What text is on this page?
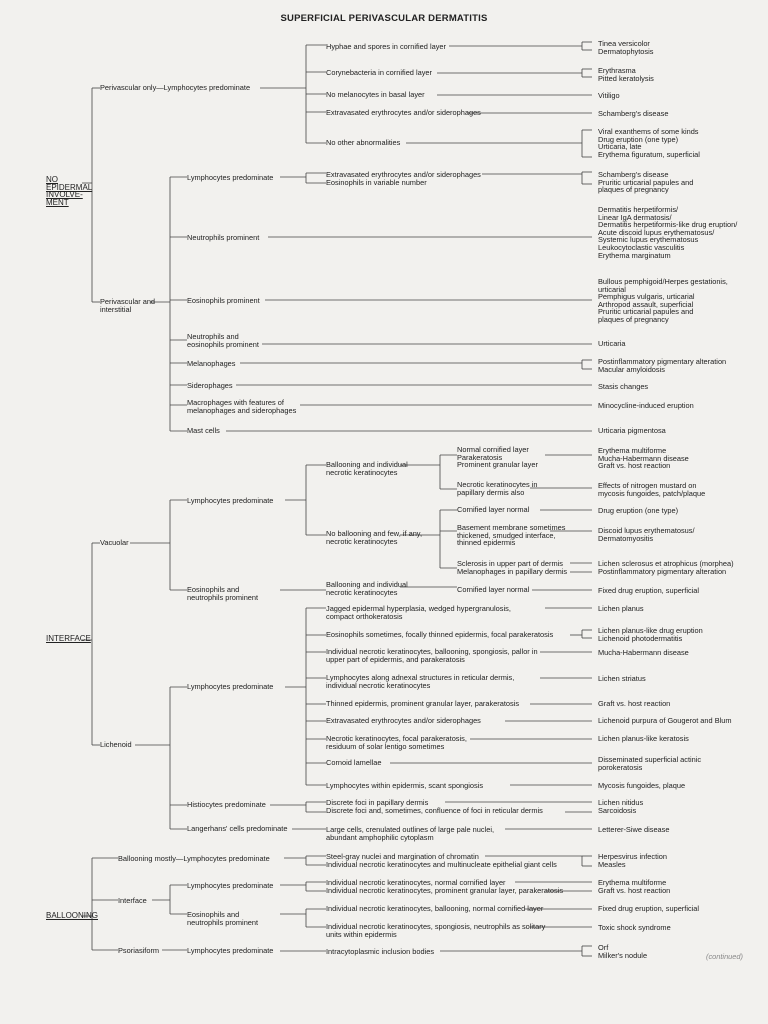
SUPERFICIAL PERIVASCULAR DERMATITIS
NO
EPIDERMAL
INVOLVE-
MENT
INTERFACE
BALLOONING
Perivascular only—Lymphocytes predominate
Perivascular and
interstitial
Vacuolar
Lichenoid
Ballooning mostly—Lymphocytes predominate
Interface
Psoriasiform
Lymphocytes predominate
Neutrophils prominent
Eosinophils prominent
Neutrophils and
eosinophils prominent
Melanophages
Siderophages
Macrophages with features of
melanophages and siderophages
Mast cells
Lymphocytes predominate
Eosinophils and
neutrophils prominent
Lymphocytes predominate
Histiocytes predominate
Langerhans' cells predominate
Lymphocytes predominate
Eosinophils and
neutrophils prominent
Lymphocytes predominate
Hyphae and spores in cornified layer
Corynebacteria in cornified layer
No melanocytes in basal layer
Extravasated erythrocytes and/or siderophages
No other abnormalities
Extravasated erythrocytes and/or siderophages
Eosinophils in variable number
Ballooning and individual
necrotic keratinocytes
No ballooning and few, if any,
necrotic keratinocytes
Ballooning and individual
necrotic keratinocytes
Normal cornified layer
Parakeratosis
Prominent granular layer
Necrotic keratinocytes in
papillary dermis also
Cornified layer normal
Basement membrane sometimes
thickened, smudged interface,
thinned epidermis
Sclerosis in upper part of dermis
Melanophages in papillary dermis
Cornified layer normal
Jagged epidermal hyperplasia, wedged hypergranulosis,
compact orthokeratosis
Eosinophils sometimes, focally thinned epidermis, focal parakeratosis
Individual necrotic keratinocytes, ballooning, spongiosis, pallor in
upper part of epidermis, and parakeratosis
Lymphocytes along adnexal structures in reticular dermis,
individual necrotic keratinocytes
Thinned epidermis, prominent granular layer, parakeratosis
Extravasated erythrocytes and/or siderophages
Necrotic keratinocytes, focal parakeratosis,
residuum of solar lentigo sometimes
Cornoid lamellae
Lymphocytes within epidermis, scant spongiosis
Discrete foci in papillary dermis
Discrete foci and, sometimes, confluence of foci in reticular dermis
Large cells, crenulated outlines of large pale nuclei,
abundant amphophilic cytoplasm
Steel-gray nuclei and margination of chromatin
Individual necrotic keratinocytes and multinucleate epithelial giant cells
Individual necrotic keratinocytes, normal cornified layer
Individual necrotic keratinocytes, prominent granular layer, parakeratosis
Individual necrotic keratinocytes, ballooning, normal cornified layer
Individual necrotic keratinocytes, spongiosis, neutrophils as solitary
units within epidermis
Intracytoplasmic inclusion bodies
Tinea versicolor
Dermatophytosis
Erythrasma
Pitted keratolysis
Vitiligo
Schamberg's disease
Viral exanthems of some kinds
Drug eruption (one type)
Urticaria, late
Erythema figuratum, superficial
Schamberg's disease
Pruritic urticarial papules and
plaques of pregnancy
Dermatitis herpetiformis/
Linear IgA dermatosis/
Dermatitis herpetiformis-like drug eruption/
Acute discoid lupus erythematosus/
Systemic lupus erythematosus
Leukocytoclastic vasculitis
Erythema marginatum
Bullous pemphigoid/Herpes gestationis,
urticarial
Pemphigus vulgaris, urticarial
Arthropod assault, superficial
Pruritic urticarial papules and
plaques of pregnancy
Urticaria
Postinflammatory pigmentary alteration
Macular amyloidosis
Stasis changes
Minocycline-induced eruption
Urticaria pigmentosa
Erythema multiforme
Mucha-Habermann disease
Graft vs. host reaction
Effects of nitrogen mustard on
mycosis fungoides, patch/plaque
Drug eruption (one type)
Discoid lupus erythematosus/
Dermatomyositis
Lichen sclerosus et atrophicus (morphea)
Postinflammatory pigmentary alteration
Fixed drug eruption, superficial
Lichen planus
Lichen planus-like drug eruption
Lichenoid photodermatitis
Mucha-Habermann disease
Lichen striatus
Graft vs. host reaction
Lichenoid purpura of Gougerot and Blum
Lichen planus-like keratosis
Disseminated superficial actinic
porokeratosis
Mycosis fungoides, plaque
Lichen nitidus
Sarcoidosis
Letterer-Siwe disease
Herpesvirus infection
Measles
Erythema multiforme
Graft vs. host reaction
Fixed drug eruption, superficial
Toxic shock syndrome
Orf
Milker's nodule	(continued)
